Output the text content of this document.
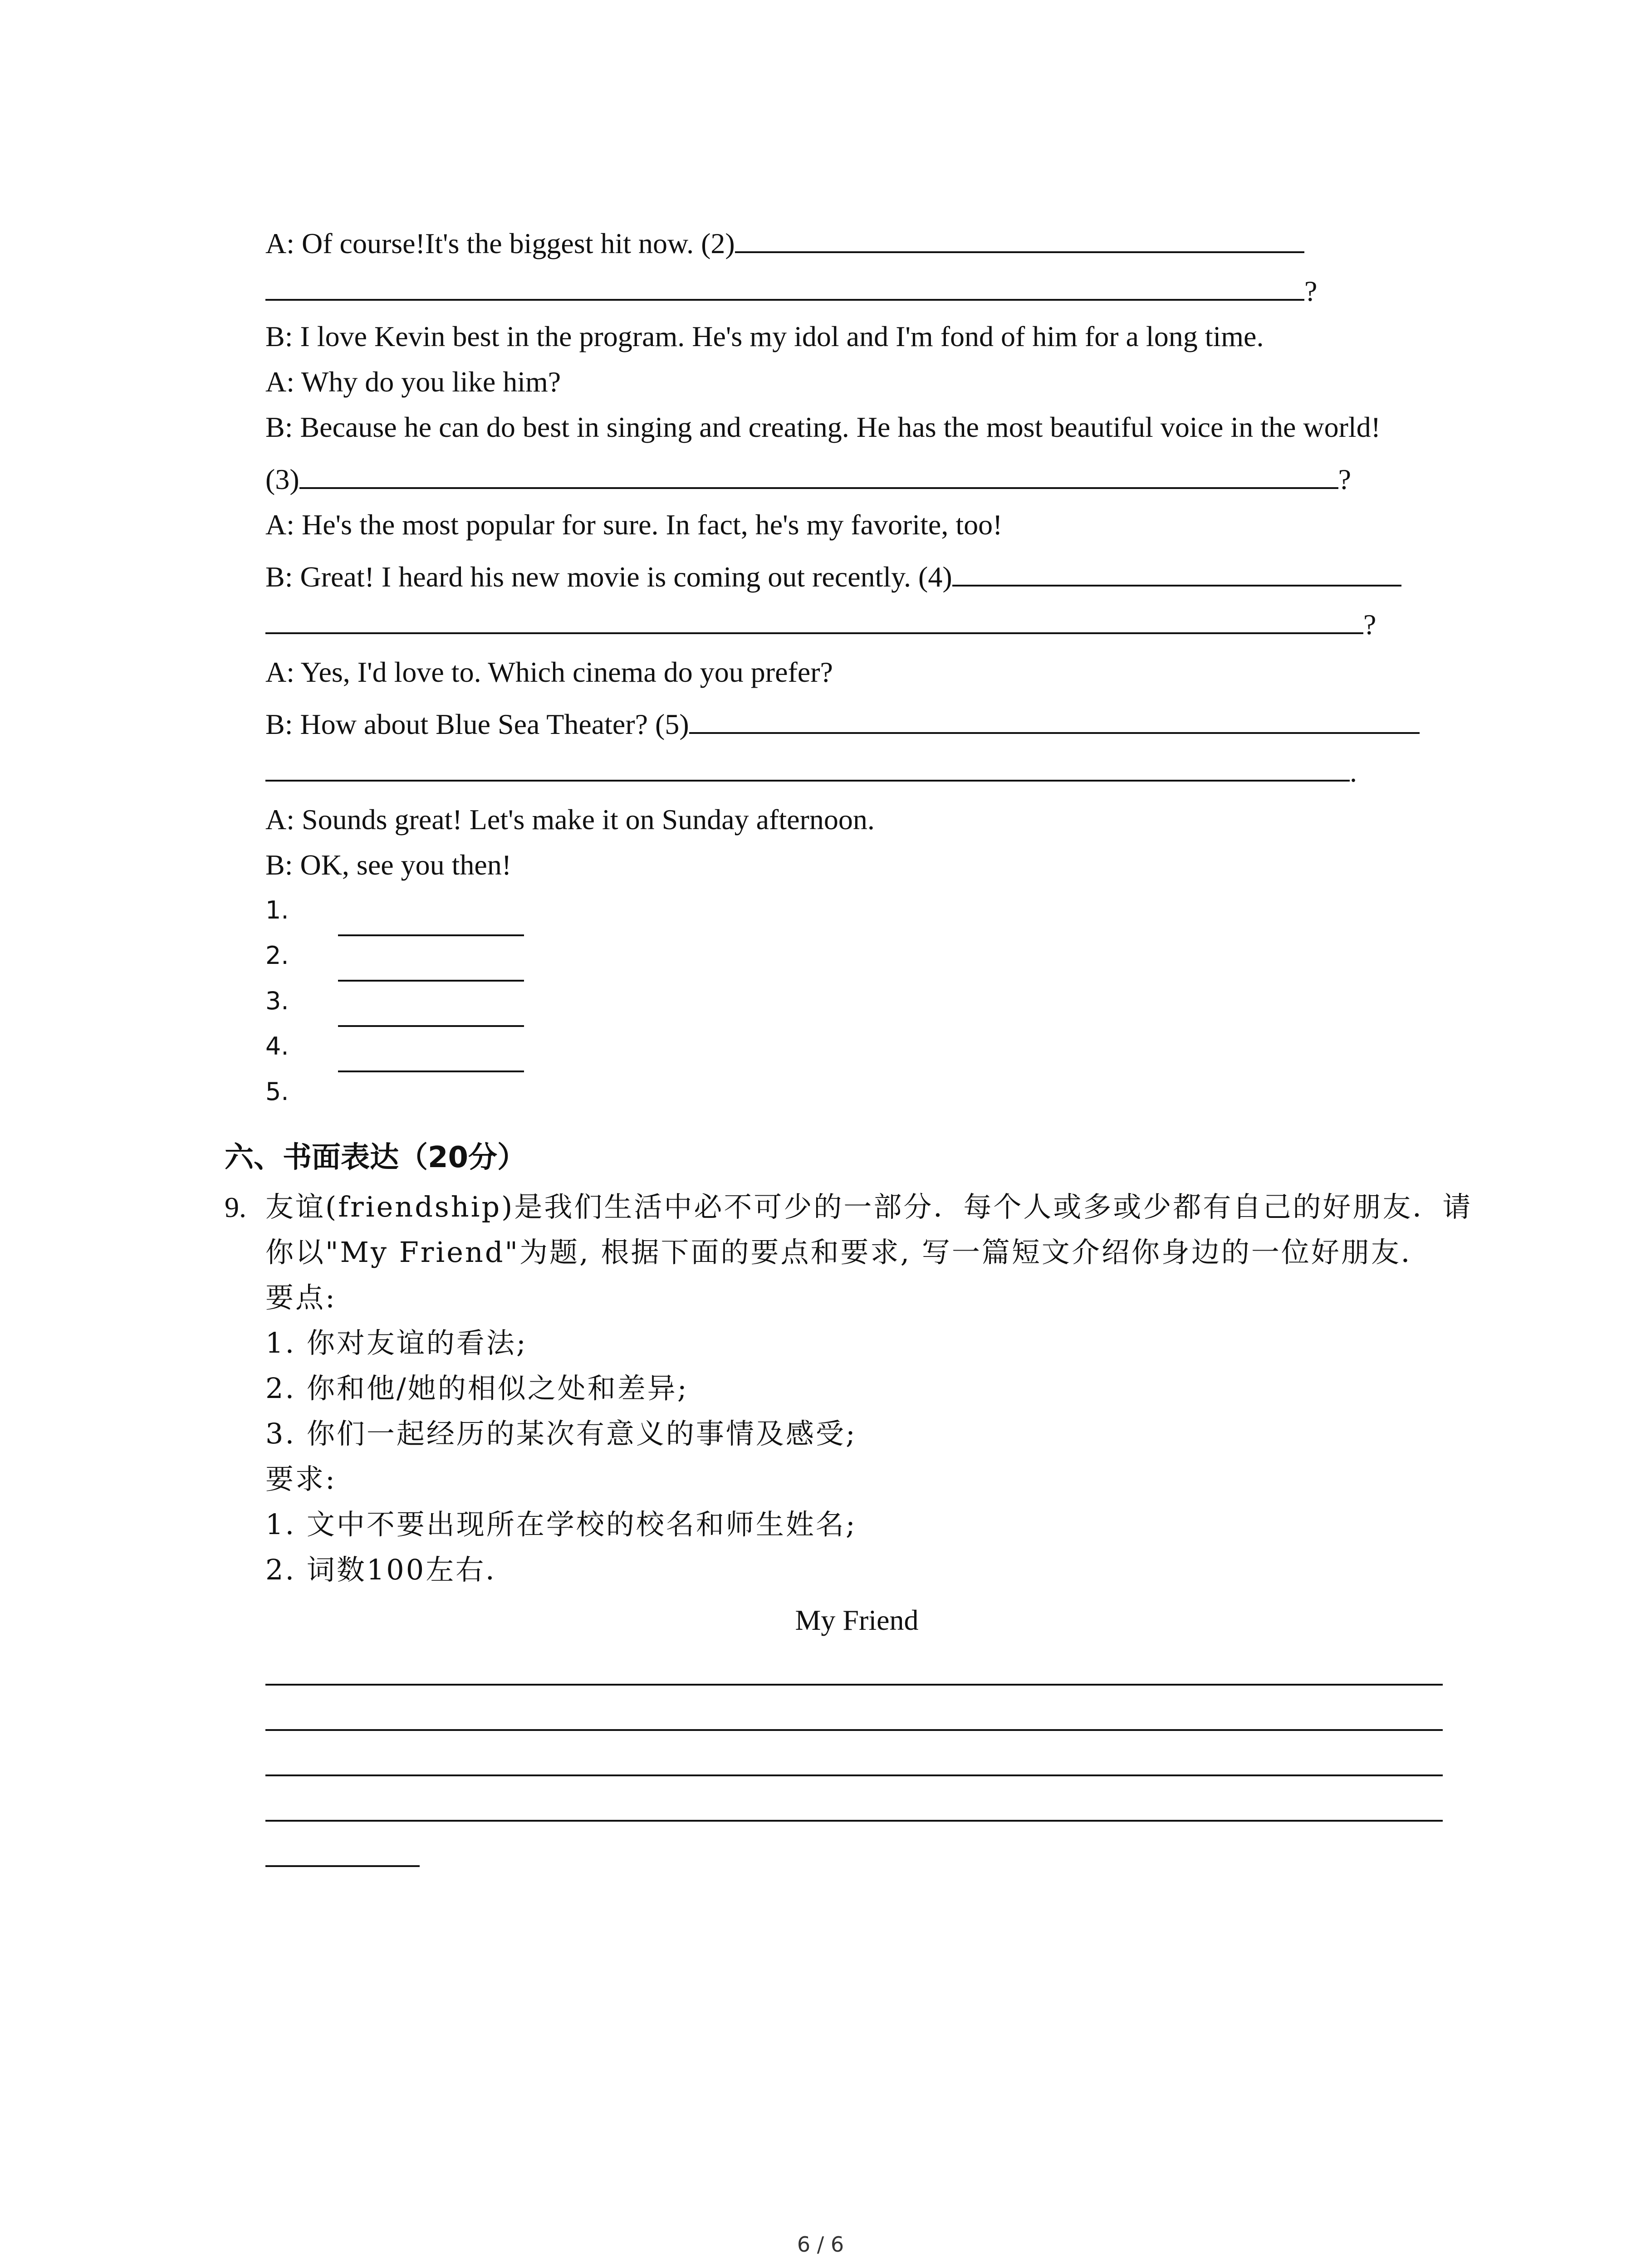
A: Of course!It's the biggest hit now. (2)
?
B: I love Kevin best in the program. He's my idol and I'm fond of him for a long time.
A: Why do you like him?
B: Because he can do best in singing and creating. He has the most beautiful voice in the world!
(3)	?
A: He's the most popular for sure. In fact, he's my favorite, too!
B: Great! I heard his new movie is coming out recently. (4)
?
A: Yes, I'd love to. Which cinema do you prefer?
B: How about Blue Sea Theater? (5)
.
A: Sounds great! Let's make it on Sunday afternoon.
B: OK, see you then!
1.
2.
3.
4.
5.
六、书面表达（20分）
9. 友谊(friendship)是我们生活中必不可少的一部分．每个人或多或少都有自己的好朋友．请
你以"My Friend"为题, 根据下面的要点和要求, 写一篇短文介绍你身边的一位好朋友．
要点:
1. 你对友谊的看法;
2. 你和他/她的相似之处和差异;
3. 你们一起经历的某次有意义的事情及感受;
要求:
1. 文中不要出现所在学校的校名和师生姓名;
2. 词数100左右．
My Friend
6 / 6
